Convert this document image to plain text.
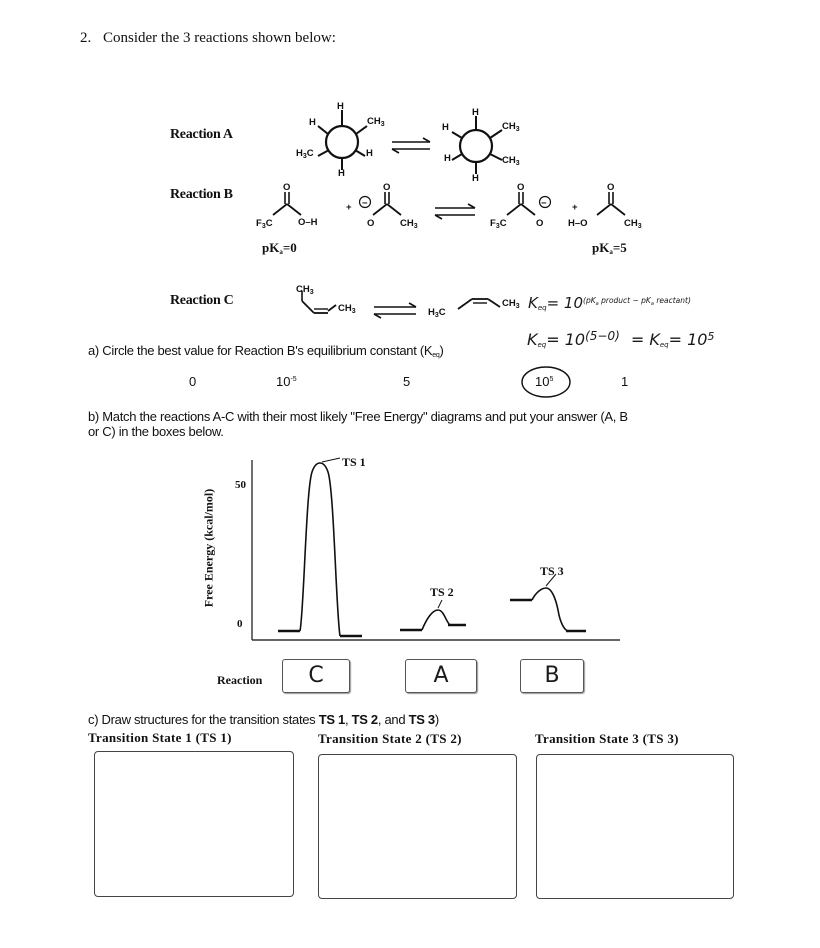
2. Consider the 3 reactions shown below:
Reaction A
Reaction B
Reaction C
H
H	$CH_3$
$H_3C$	H
H
H
H	$CH_3$
H	$CH_3$
H
O
$F_3C$	O–H
+ −
O
O	$CH_3$
O
$F_3C$	O
−	+
O
H–O	$CH_3$
pKa=0	pKa=5
$CH_3$
$CH_3$	$H_3C$
$CH_3$ $Keq= 10^{(pK_a product - pK_a reactant)}$
$Keq= 10^{(5-0)} = Keq= 10^5$
a) Circle the best value for Reaction B's equilibrium constant (Keq)
0	$10^{-5}$	5	$10^5$	1
b) Match the reactions A-C with their most likely "Free Energy" diagrams and put your answer (A, B
or C) in the boxes below.
Free Energy (kcal/mol)
50
0
TS 1
TS 2
TS 3
Reaction	C	A	B
c) Draw structures for the transition states TS 1, TS 2, and TS 3)
Transition State 1 (TS 1)	Transition State 2 (TS 2)	Transition State 3 (TS 3)
